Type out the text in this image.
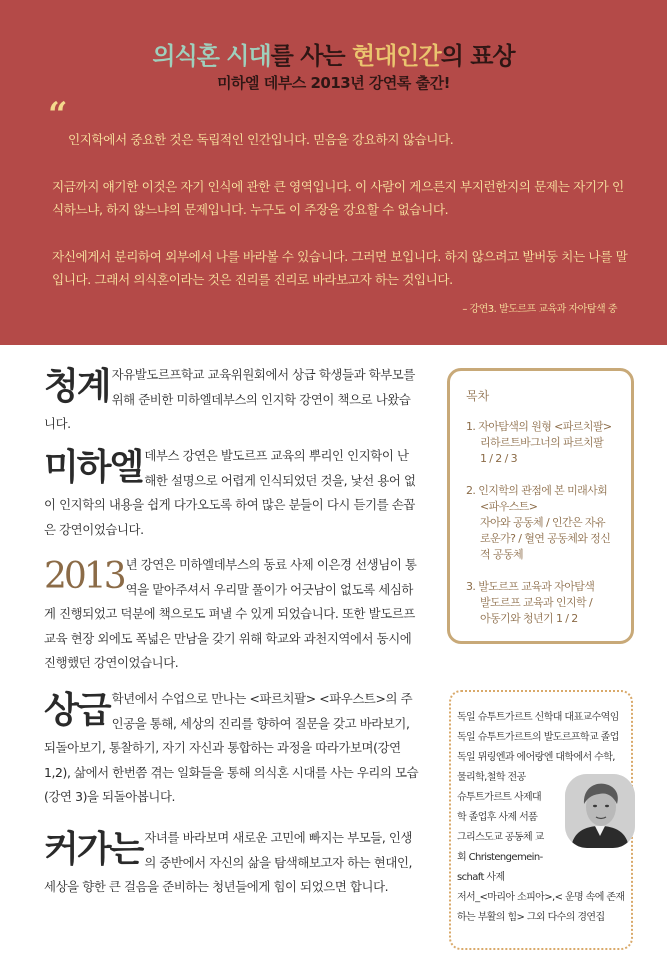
의식혼 시대를 사는 현대인간의 표상
미하엘 데부스 2013년 강연록 출간!
“

인지학에서 중요한 것은 독립적인 인간입니다. 믿음을 강요하지 않습니다.

지금까지 얘기한 이것은 자기 인식에 관한 큰 영역입니다. 이 사람이 게으른지 부지런한지의 문제는 자기가 인식하느냐, 하지 않느냐의 문제입니다. 누구도 이 주장을 강요할 수 없습니다.

자신에게서 분리하여 외부에서 나를 바라볼 수 있습니다. 그러면 보입니다. 하지 않으려고 발버둥 치는 나를 말입니다. 그래서 의식혼이라는 것은 진리를 진리로 바라보고자 하는 것입니다.

– 강연3. 발도르프 교육과 자아탐색 중
청계 자유발도르프학교 교육위원회에서 상급 학생들과 학부모를 위해 준비한 미하엘데부스의 인지학 강연이 책으로 나왔습니다.
미하엘 데부스 강연은 발도르프 교육의 뿌리인 인지학이 난해한 설명으로 어렵게 인식되었던 것을, 낯선 용어 없이 인지학의 내용을 쉽게 다가오도록 하여 많은 분들이 다시 듣기를 손꼽은 강연이었습니다.
2013 년 강연은 미하엘데부스의 동료 사제 이은경 선생님이 통역을 맡아주셔서 우리말 풀이가 어긋남이 없도록 세심하게 진행되었고 덕분에 책으로도 펴낼 수 있게 되었습니다. 또한 발도르프 교육 현장 외에도 폭넓은 만남을 갖기 위해 학교와 과천지역에서 동시에 진행했던 강연이었습니다.
상급 학년에서 수업으로 만나는 <파르치팔> <파우스트>의 주인공을 통해, 세상의 진리를 향하여 질문을 갖고 바라보기, 되돌아보기, 통찰하기, 자기 자신과 통합하는 과정을 따라가보며(강연 1,2), 삶에서 한번쯤 겪는 일화들을 통해 의식혼 시대를 사는 우리의 모습(강연 3)을 되돌아봅니다.
커가는 자녀를 바라보며 새로운 고민에 빠지는 부모들, 인생의 중반에서 자신의 삶을 탐색해보고자 하는 현대인, 세상을 향한 큰 걸음을 준비하는 청년들에게 힘이 되었으면 합니다.
목차
1. 자아탐색의 원형 <파르치팔>
리하르트바그너의 파르치팔
1 / 2 / 3
2. 인지학의 관점에 본 미래사회
<파우스트>
자아와 공동체 / 인간은 자유
로운가? / 혈연 공동체와 정신
적 공동체
3. 발도르프 교육과 자아탐색
발도르프 교육과 인지학 /
아동기와 청년기 1 / 2
독일 슈투트가르트 신학대 대표교수역임
독일 슈투트가르트의 발도르프학교 졸업
독일 뮈링엔과 에어랑엔 대학에서 수학,
물리학,철학 전공
슈투트가르트 사제대
학 졸업후 사제 서품
그리스도교 공동체 교
회 Christengemein-
schaft 사제
저서_<마리아 소피아>,< 운명 속에 존재
하는 부활의 힘> 그외 다수의 경연집
